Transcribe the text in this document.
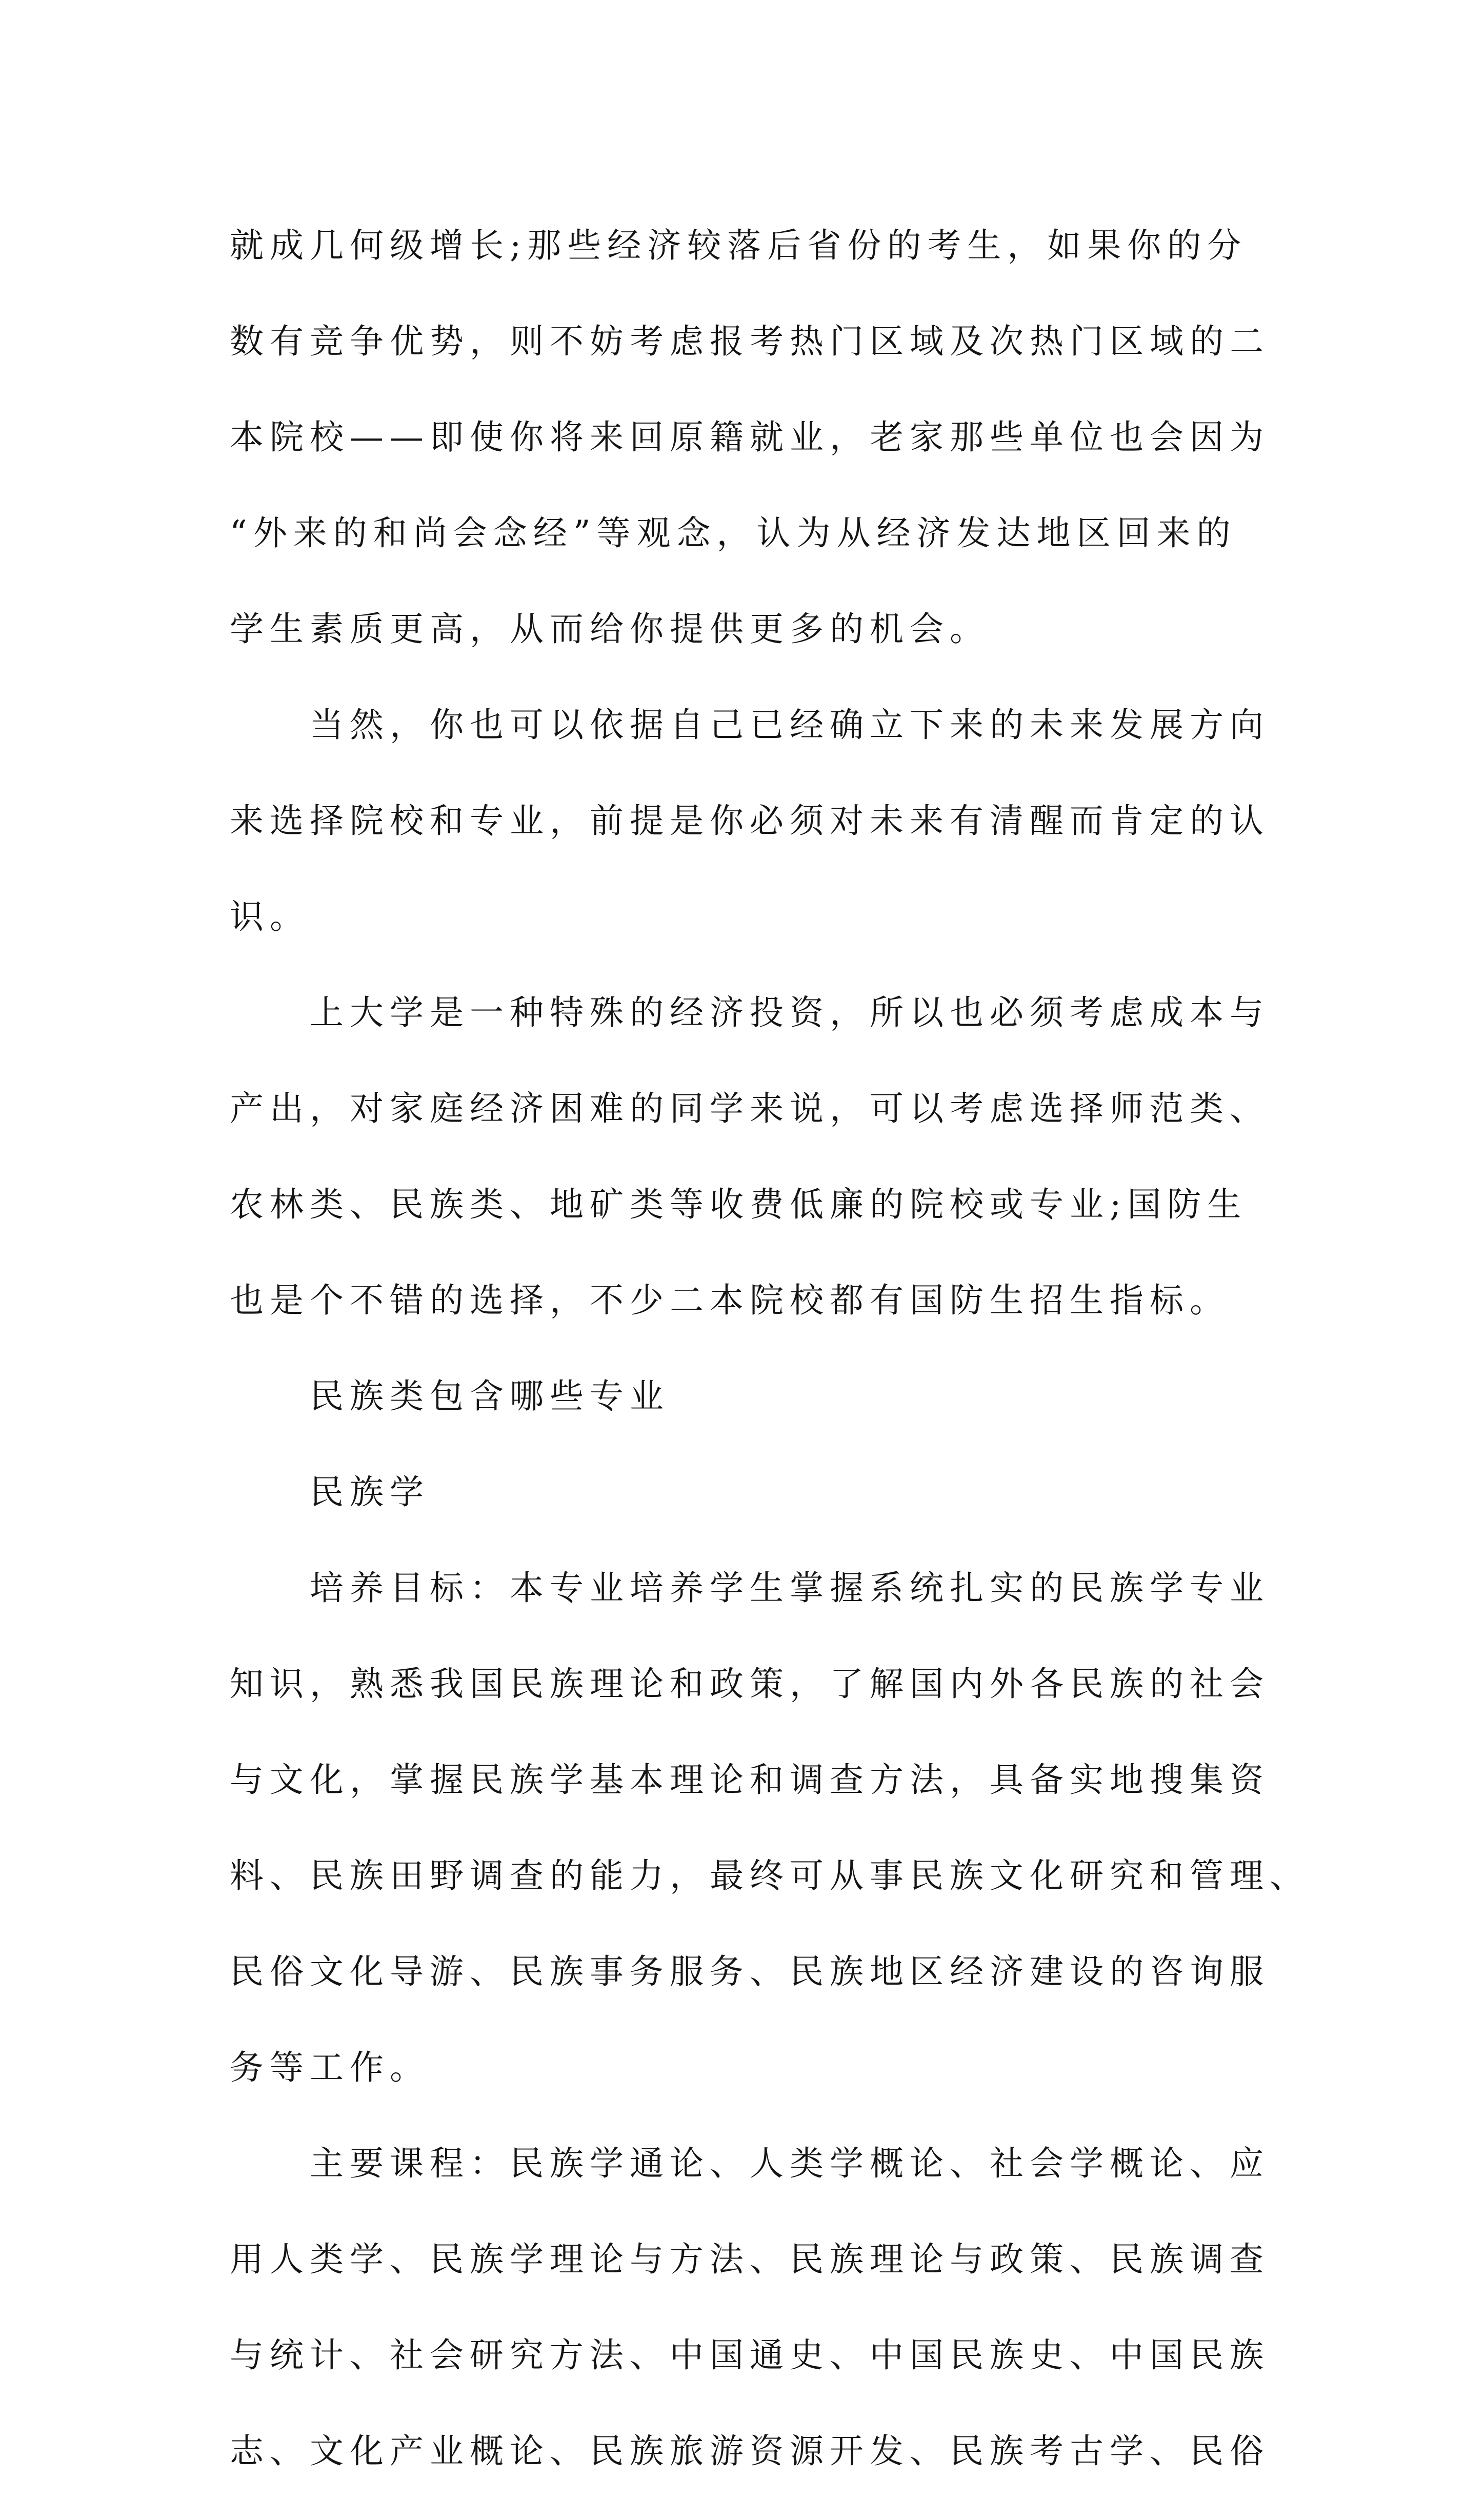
就成几何级增长;那些经济较落后省份的考生，如果你的分
数有竞争优势，则不妨考虑报考热门区域及次热门区域的二
本院校——即使你将来回原籍就业，老家那些单位也会因为
“外来的和尚会念经”等观念，认为从经济发达地区回来的
学生素质更高，从而给你提供更多的机会。
当然，你也可以依据自己已经确立下来的未来发展方向
来选择院校和专业，前提是你必须对未来有清醒而肯定的认
识。
上大学是一种特殊的经济投资，所以也必须考虑成本与
产出，对家庭经济困难的同学来说，可以考虑选择师范类、
农林类、民族类、地矿类等收费低廉的院校或专业;国防生
也是个不错的选择，不少二本院校都有国防生招生指标。
民族类包含哪些专业
民族学
培养目标：本专业培养学生掌握系统扎实的民族学专业
知识，熟悉我国民族理论和政策，了解国内外各民族的社会
与文化，掌握民族学基本理论和调查方法，具备实地搜集资
料、民族田野调查的能力，最终可从事民族文化研究和管理、
民俗文化导游、民族事务服务、民族地区经济建设的咨询服
务等工作。
主要课程：民族学通论、人类学概论、社会学概论、应
用人类学、民族学理论与方法、民族理论与政策、民族调查
与统计、社会研究方法、中国通史、中国民族史、中国民族
志、文化产业概论、民族旅游资源开发、民族考古学、民俗
